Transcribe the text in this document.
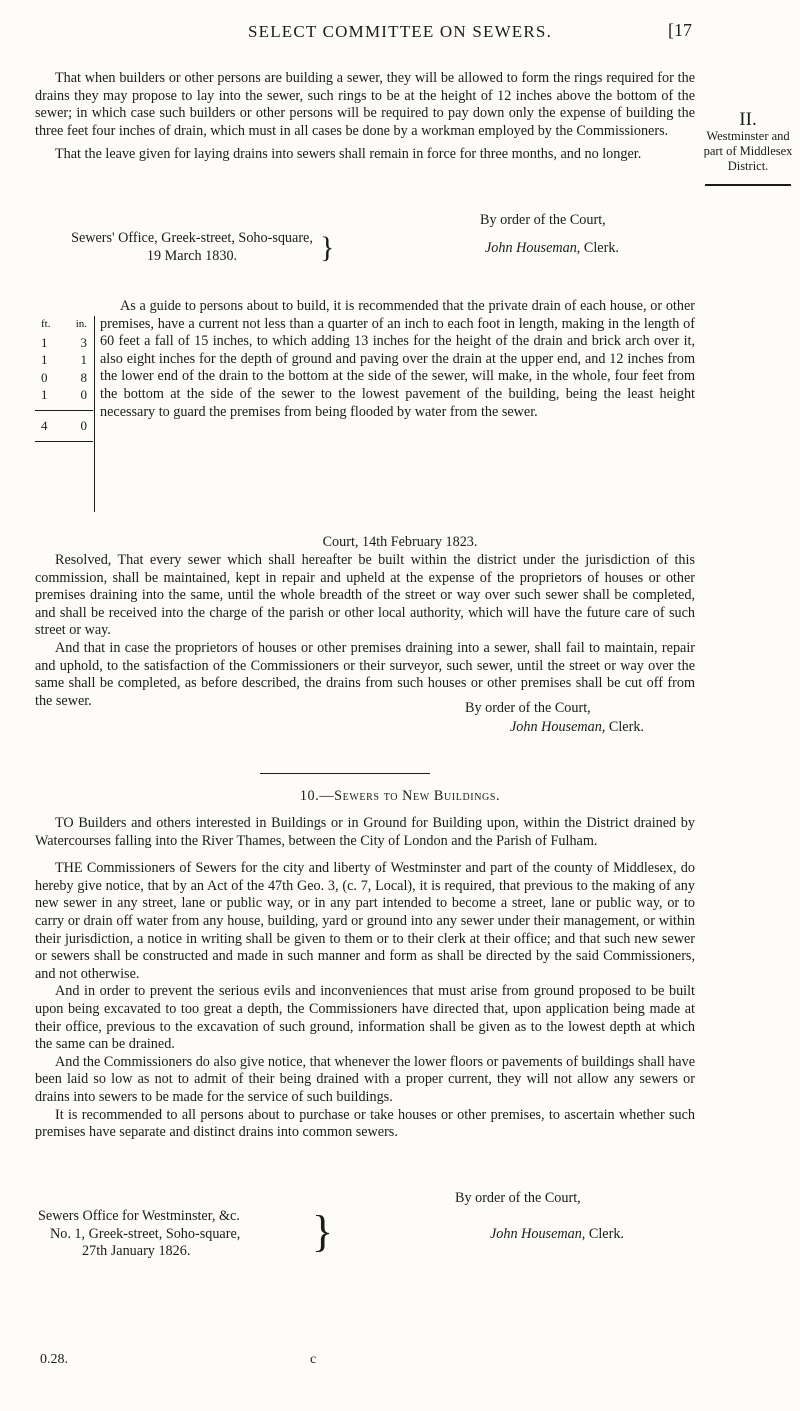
SELECT COMMITTEE ON SEWERS.	[17
II.
Westminster and part of Middlesex District.

That when builders or other persons are building a sewer, they will be allowed to form the rings required for the drains they may propose to lay into the sewer, such rings to be at the height of 12 inches above the bottom of the sewer; in which case such builders or other persons will be required to pay down only the expense of building the three feet four inches of drain, which must in all cases be done by a workman employed by the Commissioners.

That the leave given for laying drains into sewers shall remain in force for three months, and no longer.

By order of the Court,
Sewers' Office, Greek-street, Soho-square,
19 March 1830.	}	John Houseman, Clerk.
ft. in.
1	3
1	1
0	8
1	0
4	0

As a guide to persons about to build, it is recommended that the private drain of each house, or other premises, have a current not less than a quarter of an inch to each foot in length, making in the length of 60 feet a fall of 15 inches, to which adding 13 inches for the height of the drain and brick arch over it, also eight inches for the depth of ground and paving over the drain at the upper end, and 12 inches from the lower end of the drain to the bottom at the side of the sewer, will make, in the whole, four feet from the bottom at the side of the sewer to the lowest pavement of the building, being the least height necessary to guard the premises from being flooded by water from the sewer.

Court, 14th February 1823.

Resolved, That every sewer which shall hereafter be built within the district under the jurisdiction of this commission, shall be maintained, kept in repair and upheld at the expense of the proprietors of houses or other premises draining into the same, until the whole breadth of the street or way over such sewer shall be completed, and shall be received into the charge of the parish or other local authority, which will have the future care of such street or way.

And that in case the proprietors of houses or other premises draining into a sewer, shall fail to maintain, repair and uphold, to the satisfaction of the Commissioners or their surveyor, such sewer, until the street or way over the same shall be completed, as before described, the drains from such houses or other premises shall be cut off from the sewer.	By order of the Court,
John Houseman, Clerk.
10.—Sewers to New Buildings.

TO Builders and others interested in Buildings or in Ground for Building upon, within the District drained by Watercourses falling into the River Thames, between the City of London and the Parish of Fulham.

THE Commissioners of Sewers for the city and liberty of Westminster and part of the county of Middlesex, do hereby give notice, that by an Act of the 47th Geo. 3, (c. 7, Local), it is required, that previous to the making of any new sewer in any street, lane or public way, or in any part intended to become a street, lane or public way, or to carry or drain off water from any house, building, yard or ground into any sewer under their management, or within their jurisdiction, a notice in writing shall be given to them or to their clerk at their office; and that such new sewer or sewers shall be constructed and made in such manner and form as shall be directed by the said Commissioners, and not otherwise.

And in order to prevent the serious evils and inconveniences that must arise from ground proposed to be built upon being excavated to too great a depth, the Commissioners have directed that, upon application being made at their office, previous to the excavation of such ground, information shall be given as to the lowest depth at which the same can be drained.

And the Commissioners do also give notice, that whenever the lower floors or pavements of buildings shall have been laid so low as not to admit of their being drained with a proper current, they will not allow any sewers or drains into sewers to be made for the service of such buildings.

It is recommended to all persons about to purchase or take houses or other premises, to ascertain whether such premises have separate and distinct drains into common sewers.

By order of the Court,
Sewers Office for Westminster, &c.
No. 1, Greek-street, Soho-square,
27th January 1826.	}	John Houseman, Clerk.
0.28.	c
